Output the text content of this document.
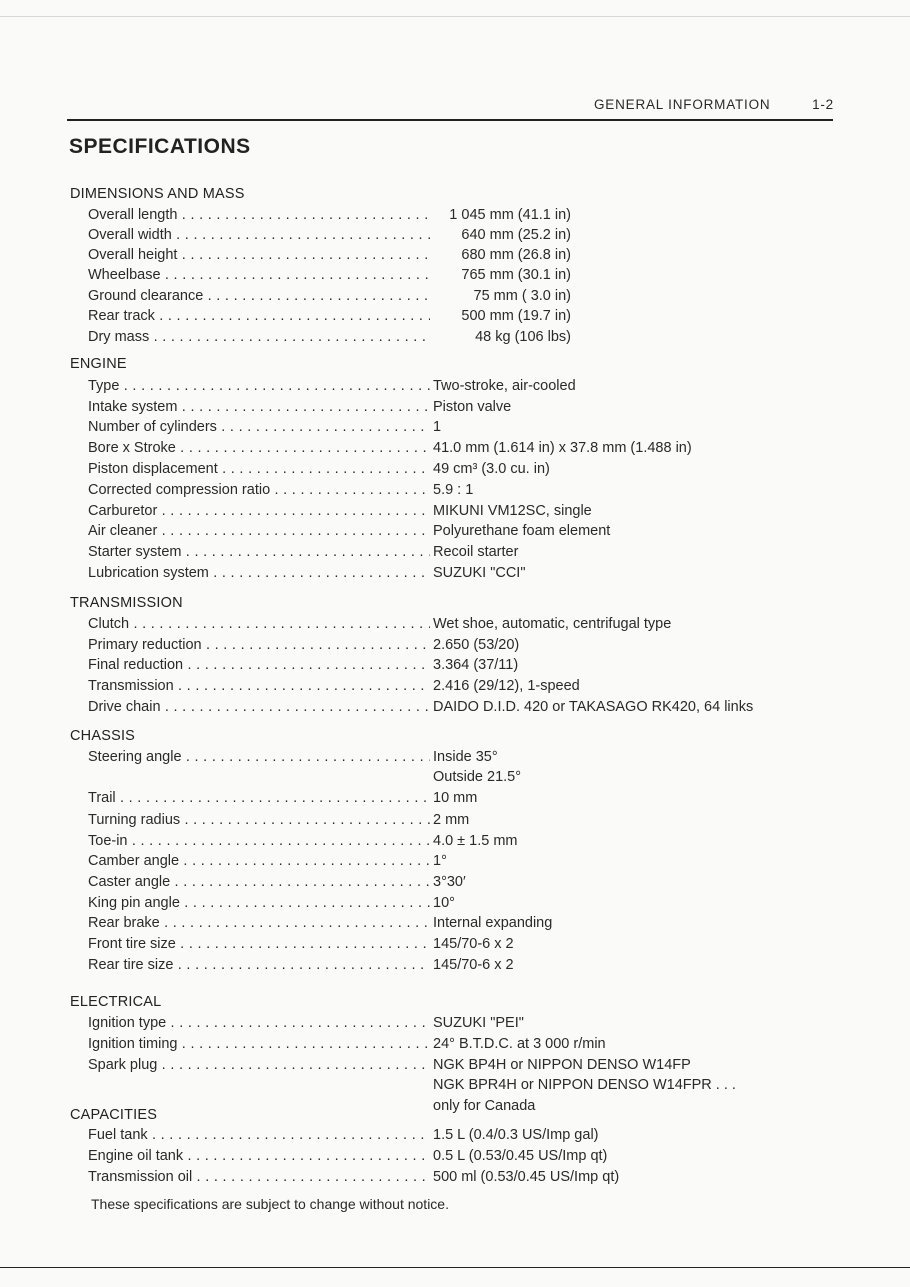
GENERAL INFORMATION	1-2
SPECIFICATIONS
DIMENSIONS AND MASS
Overall length . . .	1 045 mm (41.1 in)
Overall width . . .	640 mm (25.2 in)
Overall height . . .	680 mm (26.8 in)
Wheelbase . . .	765 mm (30.1 in)
Ground clearance . . .	75 mm ( 3.0 in)
Rear track . . .	500 mm (19.7 in)
Dry mass . . .	48 kg (106 lbs)
ENGINE
Type . . .	Two-stroke, air-cooled
Intake system . . .	Piston valve
Number of cylinders . . .	1
Bore x Stroke . . .	41.0 mm (1.614 in) x 37.8 mm (1.488 in)
Piston displacement . . .	49 cm³ (3.0 cu. in)
Corrected compression ratio . . .	5.9 : 1
Carburetor . . .	MIKUNI VM12SC, single
Air cleaner . . .	Polyurethane foam element
Starter system . . .	Recoil starter
Lubrication system . . .	SUZUKI "CCI"
TRANSMISSION
Clutch . . .	Wet shoe, automatic, centrifugal type
Primary reduction . . .	2.650 (53/20)
Final reduction . . .	3.364 (37/11)
Transmission . . .	2.416 (29/12), 1-speed
Drive chain . . .	DAIDO D.I.D. 420 or TAKASAGO RK420, 64 links
CHASSIS
Steering angle . . .	Inside 35°
Outside 21.5°
Trail . . .	10 mm
Turning radius . . .	2 mm
Toe-in . . .	4.0 ± 1.5 mm
Camber angle . . .	1°
Caster angle . . .	3°30′
King pin angle . . .	10°
Rear brake . . .	Internal expanding
Front tire size . . .	145/70-6 x 2
Rear tire size . . .	145/70-6 x 2
ELECTRICAL
Ignition type . . .	SUZUKI "PEI"
Ignition timing . . .	24° B.T.D.C. at 3 000 r/min
Spark plug . . .	NGK BP4H or NIPPON DENSO W14FP
NGK BPR4H or NIPPON DENSO W14FPR . . .
only for Canada
CAPACITIES
Fuel tank . . .	1.5 L (0.4/0.3 US/Imp gal)
Engine oil tank . . .	0.5 L (0.53/0.45 US/Imp qt)
Transmission oil . . .	500 ml (0.53/0.45 US/Imp qt)
These specifications are subject to change without notice.
